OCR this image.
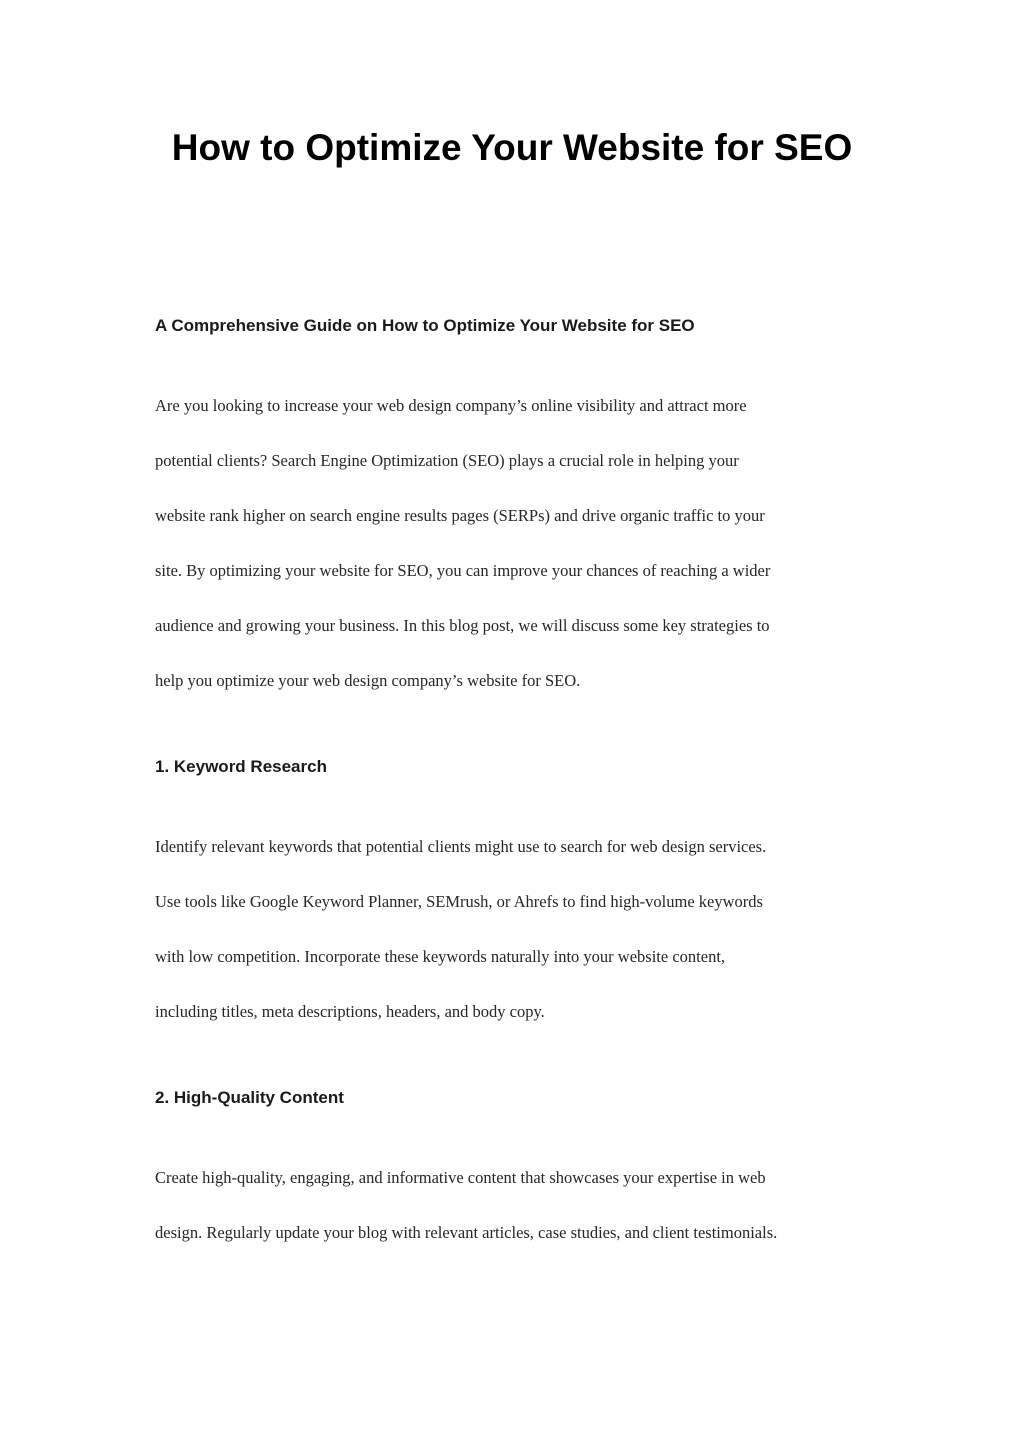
How to Optimize Your Website for SEO
A Comprehensive Guide on How to Optimize Your Website for SEO
Are you looking to increase your web design company’s online visibility and attract more
potential clients? Search Engine Optimization (SEO) plays a crucial role in helping your
website rank higher on search engine results pages (SERPs) and drive organic traffic to your
site. By optimizing your website for SEO, you can improve your chances of reaching a wider
audience and growing your business. In this blog post, we will discuss some key strategies to
help you optimize your web design company’s website for SEO.
1. Keyword Research
Identify relevant keywords that potential clients might use to search for web design services.
Use tools like Google Keyword Planner, SEMrush, or Ahrefs to find high-volume keywords
with low competition. Incorporate these keywords naturally into your website content,
including titles, meta descriptions, headers, and body copy.
2. High-Quality Content
Create high-quality, engaging, and informative content that showcases your expertise in web
design. Regularly update your blog with relevant articles, case studies, and client testimonials.
